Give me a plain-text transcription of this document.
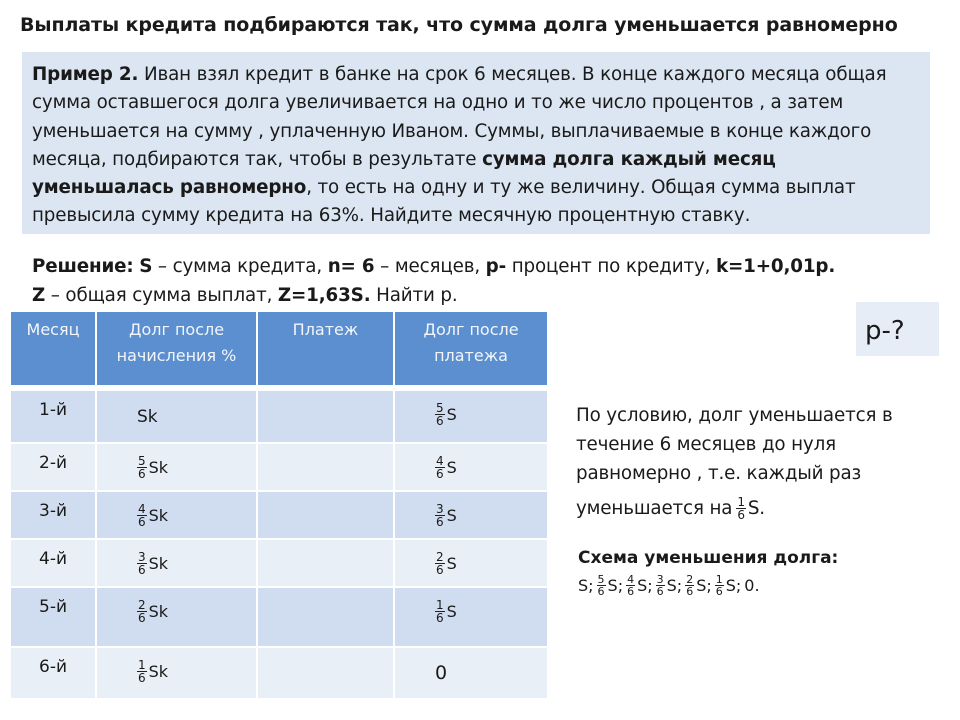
Выплаты кредита подбираются так, что сумма долга уменьшается равномерно
Пример 2. Иван взял кредит в банке на срок 6 месяцев. В конце каждого месяца общая сумма оставшегося долга увеличивается на одно и то же число процентов , а затем уменьшается на сумму , уплаченную Иваном. Суммы, выплачиваемые в конце каждого месяца, подбираются так, чтобы в результате сумма долга каждый месяц уменьшалась равномерно, то есть на одну и ту же величину. Общая сумма выплат превысила сумму кредита на 63%. Найдите месячную процентную ставку.

Решение: S – сумма кредита, n= 6 – месяцев, p- процент по кредиту, k=1+0,01p.

Z – общая сумма выплат, Z=1,63S. Найти p.

Месяц	Долг после начисления %	Платеж	Долг после платежа

1-й	Sk		$\frac{5}{6}$ S

2-й	$\frac{5}{6}$ Sk		$\frac{4}{6}$ S

3-й	$\frac{4}{6}$ Sk		$\frac{3}{6}$ S

4-й	$\frac{3}{6}$ Sk		$\frac{2}{6}$ S

5-й	$\frac{2}{6}$ Sk		$\frac{1}{6}$ S

6-й	$\frac{1}{6}$ Sk		0
p-?

По условию, долг уменьшается в течение 6 месяцев до нуля равномерно , т.е. каждый раз

уменьшается на $\frac{1}{6} S$.

Схема уменьшения долга:
S; $\frac{5}{6} S$; $\frac{4}{6} S$; $\frac{3}{6} S$; $\frac{2}{6} S$; $\frac{1}{6} S$; 0.
